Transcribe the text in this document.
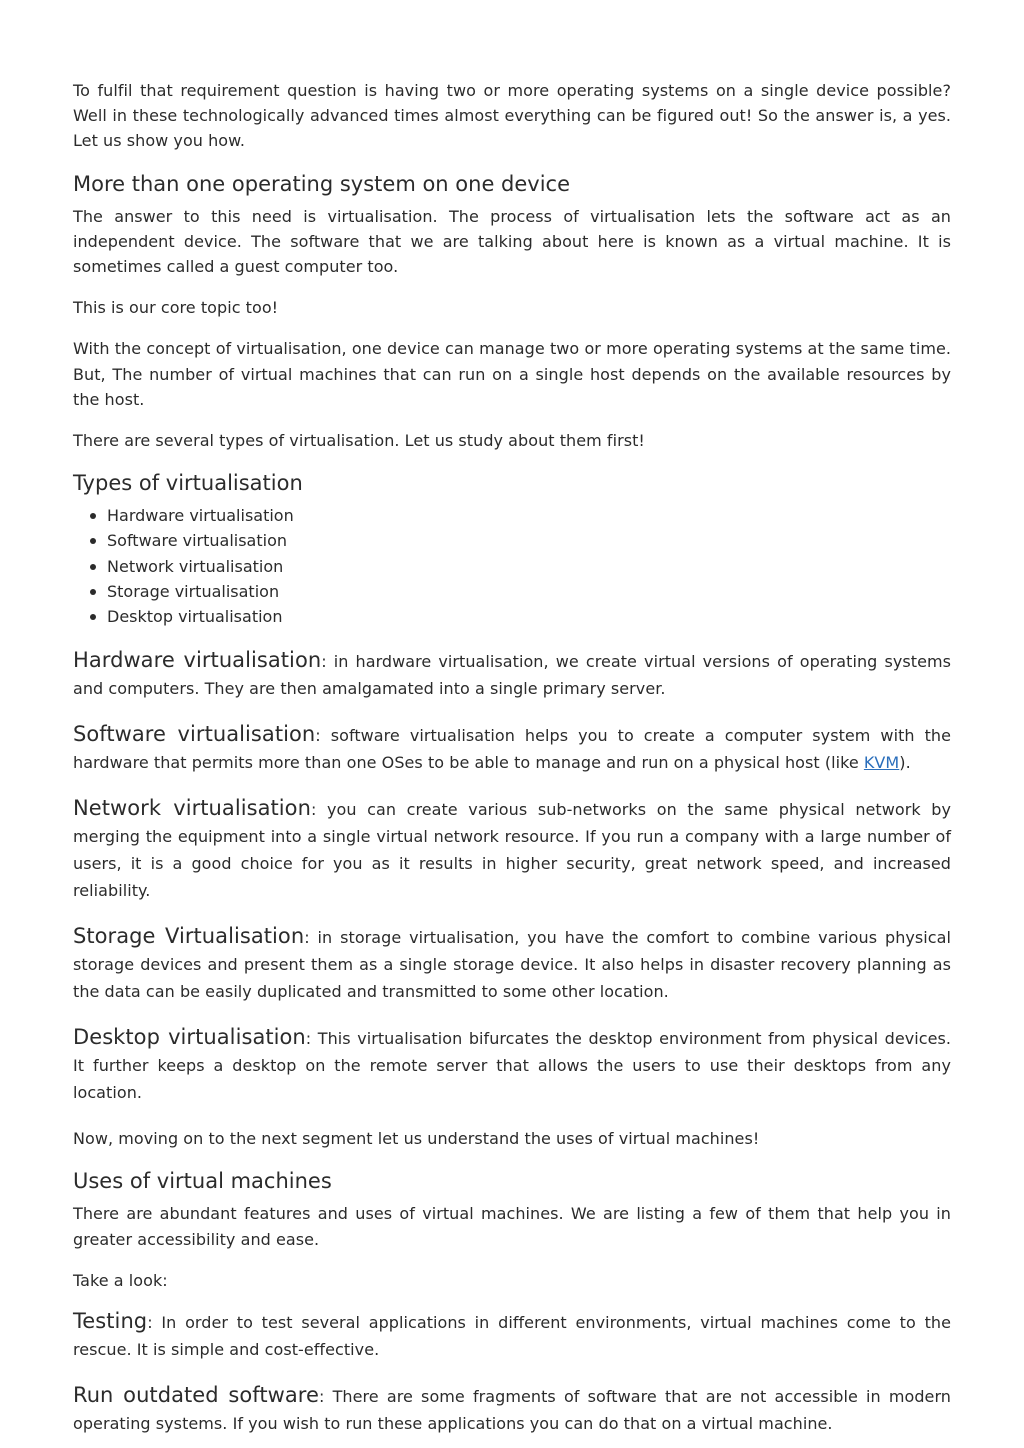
To fulfil that requirement question is having two or more operating systems on a single device possible? Well in these technologically advanced times almost everything can be figured out! So the answer is, a yes. Let us show you how.

More than one operating system on one device

The answer to this need is virtualisation. The process of virtualisation lets the software act as an independent device. The software that we are talking about here is known as a virtual machine. It is sometimes called a guest computer too.

This is our core topic too!

With the concept of virtualisation, one device can manage two or more operating systems at the same time. But, The number of virtual machines that can run on a single host depends on the available resources by the host.

There are several types of virtualisation. Let us study about them first!

Types of virtualisation
Hardware virtualisation
Software virtualisation
Network virtualisation
Storage virtualisation
Desktop virtualisation

Hardware virtualisation: in hardware virtualisation, we create virtual versions of operating systems and computers. They are then amalgamated into a single primary server.

Software virtualisation: software virtualisation helps you to create a computer system with the hardware that permits more than one OSes to be able to manage and run on a physical host (like KVM).

Network virtualisation: you can create various sub-networks on the same physical network by merging the equipment into a single virtual network resource. If you run a company with a large number of users, it is a good choice for you as it results in higher security, great network speed, and increased reliability.

Storage Virtualisation: in storage virtualisation, you have the comfort to combine various physical storage devices and present them as a single storage device. It also helps in disaster recovery planning as the data can be easily duplicated and transmitted to some other location.

Desktop virtualisation: This virtualisation bifurcates the desktop environment from physical devices. It further keeps a desktop on the remote server that allows the users to use their desktops from any location.

Now, moving on to the next segment let us understand the uses of virtual machines!

Uses of virtual machines

There are abundant features and uses of virtual machines. We are listing a few of them that help you in greater accessibility and ease.

Take a look:

Testing: In order to test several applications in different environments, virtual machines come to the rescue. It is simple and cost-effective.

Run outdated software: There are some fragments of software that are not accessible in modern operating systems. If you wish to run these applications you can do that on a virtual machine.
